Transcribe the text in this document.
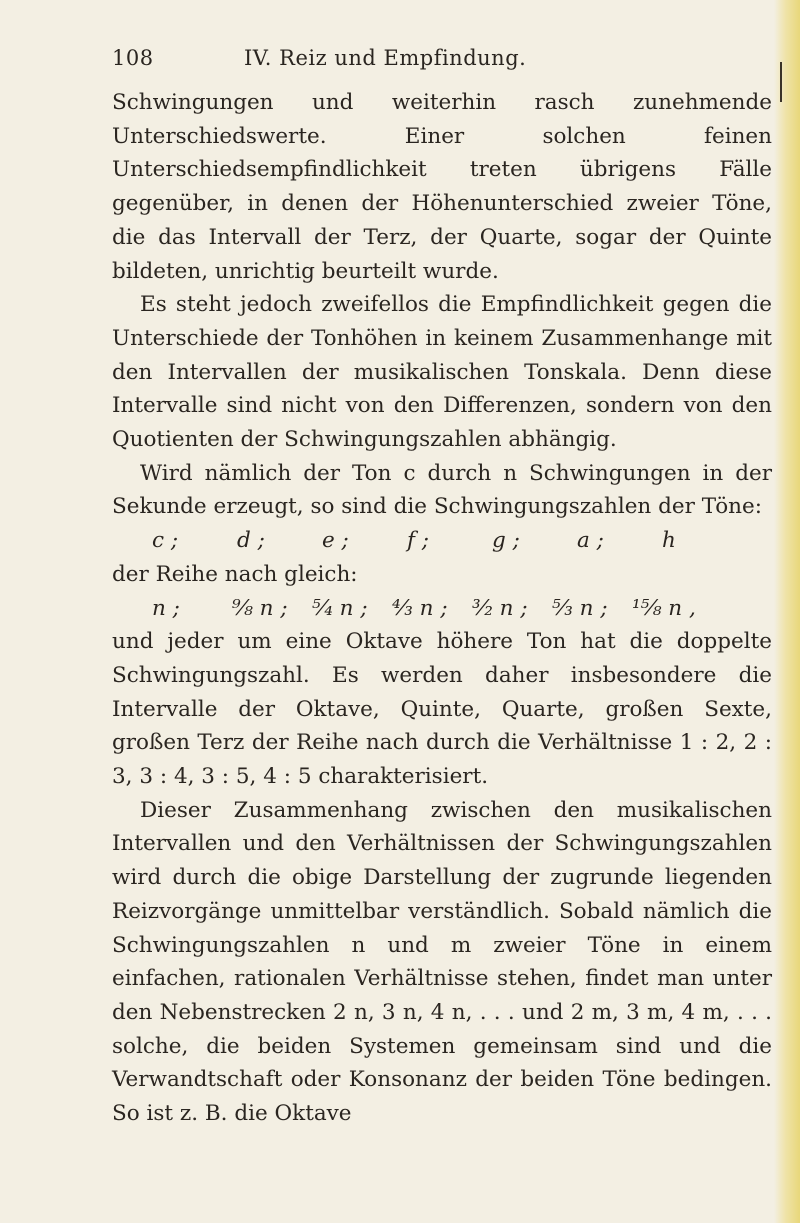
108	IV. Reiz und Empfindung.

Schwingungen und weiterhin rasch zunehmende Unterschiedswerte. Einer solchen feinen Unterschiedsempfindlichkeit treten übrigens Fälle gegenüber, in denen der Höhenunterschied zweier Töne, die das Intervall der Terz, der Quarte, sogar der Quinte bildeten, unrichtig beurteilt wurde.

Es steht jedoch zweifellos die Empfindlichkeit gegen die Unterschiede der Tonhöhen in keinem Zusammenhange mit den Intervallen der musikalischen Tonskala. Denn diese Intervalle sind nicht von den Differenzen, sondern von den Quotienten der Schwingungszahlen abhängig.

Wird nämlich der Ton c durch n Schwingungen in der Sekunde erzeugt, so sind die Schwingungszahlen der Töne:

c ;	d ;	e ;	f ;	g ;	a ;	h

der Reihe nach gleich:

n ;	⁹⁄₈ n ;	⁵⁄₄ n ;	⁴⁄₃ n ;	³⁄₂ n ;	⁵⁄₃ n ;	¹⁵⁄₈ n ,

und jeder um eine Oktave höhere Ton hat die doppelte Schwingungszahl. Es werden daher insbesondere die Intervalle der Oktave, Quinte, Quarte, großen Sexte, großen Terz der Reihe nach durch die Verhältnisse 1 : 2, 2 : 3, 3 : 4, 3 : 5, 4 : 5 charakterisiert.

Dieser Zusammenhang zwischen den musikalischen Intervallen und den Verhältnissen der Schwingungszahlen wird durch die obige Darstellung der zugrunde liegenden Reizvorgänge unmittelbar verständlich. Sobald nämlich die Schwingungszahlen n und m zweier Töne in einem einfachen, rationalen Verhältnisse stehen, findet man unter den Nebenstrecken 2 n, 3 n, 4 n, . . . und 2 m, 3 m, 4 m, . . . solche, die beiden Systemen gemeinsam sind und die Verwandtschaft oder Konsonanz der beiden Töne bedingen. So ist z. B. die Oktave
